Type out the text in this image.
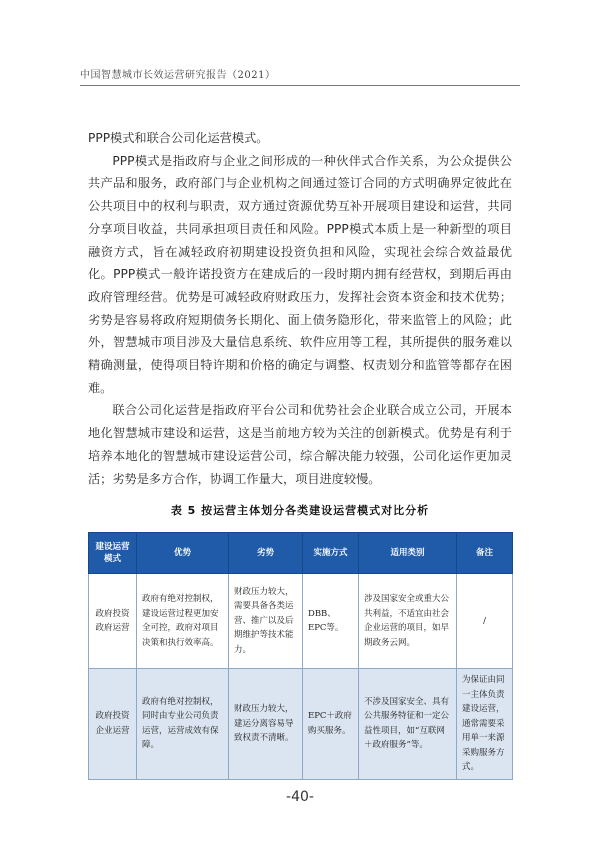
中国智慧城市长效运营研究报告（2021）

PPP模式和联合公司化运营模式。

PPP模式是指政府与企业之间形成的一种伙伴式合作关系，为公众提供公共产品和服务，政府部门与企业机构之间通过签订合同的方式明确界定彼此在公共项目中的权利与职责，双方通过资源优势互补开展项目建设和运营，共同分享项目收益，共同承担项目责任和风险。PPP模式本质上是一种新型的项目融资方式，旨在减轻政府初期建设投资负担和风险，实现社会综合效益最优化。PPP模式一般许诺投资方在建成后的一段时期内拥有经营权，到期后再由政府管理经营。优势是可减轻政府财政压力，发挥社会资本资金和技术优势；劣势是容易将政府短期债务长期化、面上债务隐形化，带来监管上的风险；此外，智慧城市项目涉及大量信息系统、软件应用等工程，其所提供的服务难以精确测量，使得项目特许期和价格的确定与调整、权责划分和监管等都存在困难。

联合公司化运营是指政府平台公司和优势社会企业联合成立公司，开展本地化智慧城市建设和运营，这是当前地方较为关注的创新模式。优势是有利于培养本地化的智慧城市建设运营公司，综合解决能力较强，公司化运作更加灵活；劣势是多方合作，协调工作量大，项目进度较慢。

表 5 按运营主体划分各类建设运营模式对比分析
建设运营模式	优势	劣势	实施方式	适用类别	备注
政府投资政府运营	政府有绝对控制权，建设运营过程更加安全可控，政府对项目决策和执行效率高。	财政压力较大，需要具备各类运营、推广以及后期维护等技术能力。	DBB、EPC等。	涉及国家安全或重大公共利益，不适宜由社会企业运营的项目，如早期政务云网。	/
政府投资企业运营	政府有绝对控制权，同时由专业公司负责运营，运营成效有保障。	财政压力较大，建运分离容易导致权责不清晰。	EPC＋政府购买服务。	不涉及国家安全、具有公共服务特征和一定公益性项目，如“互联网＋政府服务”等。	为保证由同一主体负责建设运营，通常需要采用单一来源采购服务方式。
-40-
